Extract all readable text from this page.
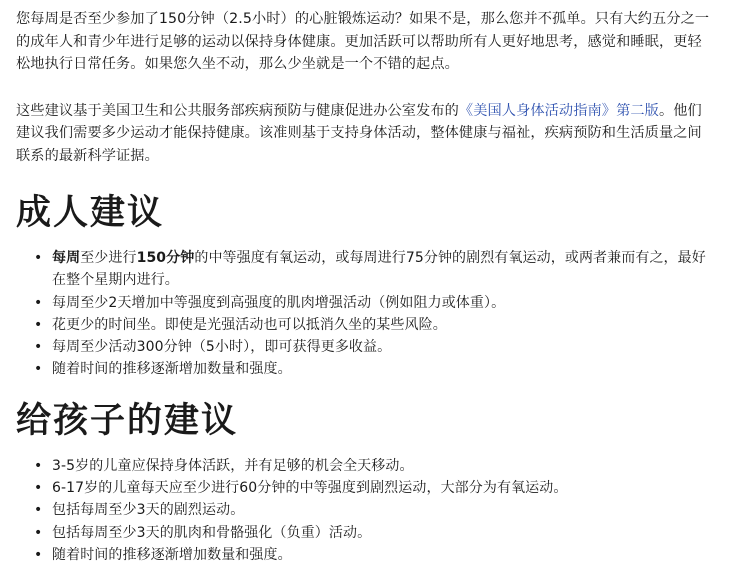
您每周是否至少参加了150分钟（2.5小时）的心脏锻炼运动？如果不是，那么您并不孤单。只有大约五分之一的成年人和青少年进行足够的运动以保持身体健康。更加活跃可以帮助所有人更好地思考，感觉和睡眠，更轻松地执行日常任务。如果您久坐不动，那么少坐就是一个不错的起点。

这些建议基于美国卫生和公共服务部疾病预防与健康促进办公室发布的《美国人身体活动指南》第二版。他们建议我们需要多少运动才能保持健康。该准则基于支持身体活动，整体健康与福祉，疾病预防和生活质量之间联系的最新科学证据。

成人建议
• 每周至少进行150分钟的中等强度有氧运动，或每周进行75分钟的剧烈有氧运动，或两者兼而有之，最好在整个星期内进行。
• 每周至少2天增加中等强度到高强度的肌肉增强活动（例如阻力或体重）。
• 花更少的时间坐。即使是光强活动也可以抵消久坐的某些风险。
• 每周至少活动300分钟（5小时），即可获得更多收益。
• 随着时间的推移逐渐增加数量和强度。
给孩子的建议
• 3-5岁的儿童应保持身体活跃，并有足够的机会全天移动。
• 6-17岁的儿童每天应至少进行60分钟的中等强度到剧烈运动，大部分为有氧运动。
• 包括每周至少3天的剧烈运动。
• 包括每周至少3天的肌肉和骨骼强化（负重）活动。
• 随着时间的推移逐渐增加数量和强度。
